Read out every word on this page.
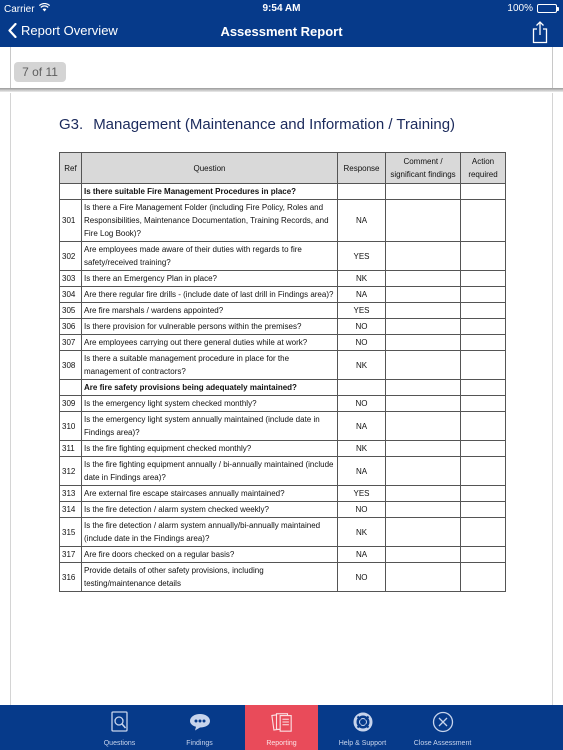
Carrier	9:54 AM	100%
Report Overview	Assessment Report
7 of 11
G3. Management (Maintenance and Information / Training)
Ref	Question	Response	Comment / significant findings	Action required
	Is there suitable Fire Management Procedures in place?			
301	Is there a Fire Management Folder (including Fire Policy, Roles and Responsibilities, Maintenance Documentation, Training Records, and Fire Log Book)?	NA		
302	Are employees made aware of their duties with regards to fire safety/received training?	YES		
303	Is there an Emergency Plan in place?	NK		
304	Are there regular fire drills - (include date of last drill in Findings area)?	NA		
305	Are fire marshals / wardens appointed?	YES		
306	Is there provision for vulnerable persons within the premises?	NO		
307	Are employees carrying out there general duties while at work?	NO		
308	Is there a suitable management procedure in place for the management of contractors?	NK		
	Are fire safety provisions being adequately maintained?			
309	Is the emergency light system checked monthly?	NO		
310	Is the emergency light system annually maintained (include date in Findings area)?	NA		
311	Is the fire fighting equipment checked monthly?	NK		
312	Is the fire fighting equipment annually / bi-annually maintained (include date in Findings area)?	NA		
313	Are external fire escape staircases annually maintained?	YES		
314	Is the fire detection / alarm system checked weekly?	NO		
315	Is the fire detection / alarm system annually/bi-annually maintained (include date in the Findings area)?	NK		
317	Are fire doors checked on a regular basis?	NA		
316	Provide details of other safety provisions, including testing/maintenance details	NO		
Questions	Findings	Reporting	Help & Support	Close Assessment
